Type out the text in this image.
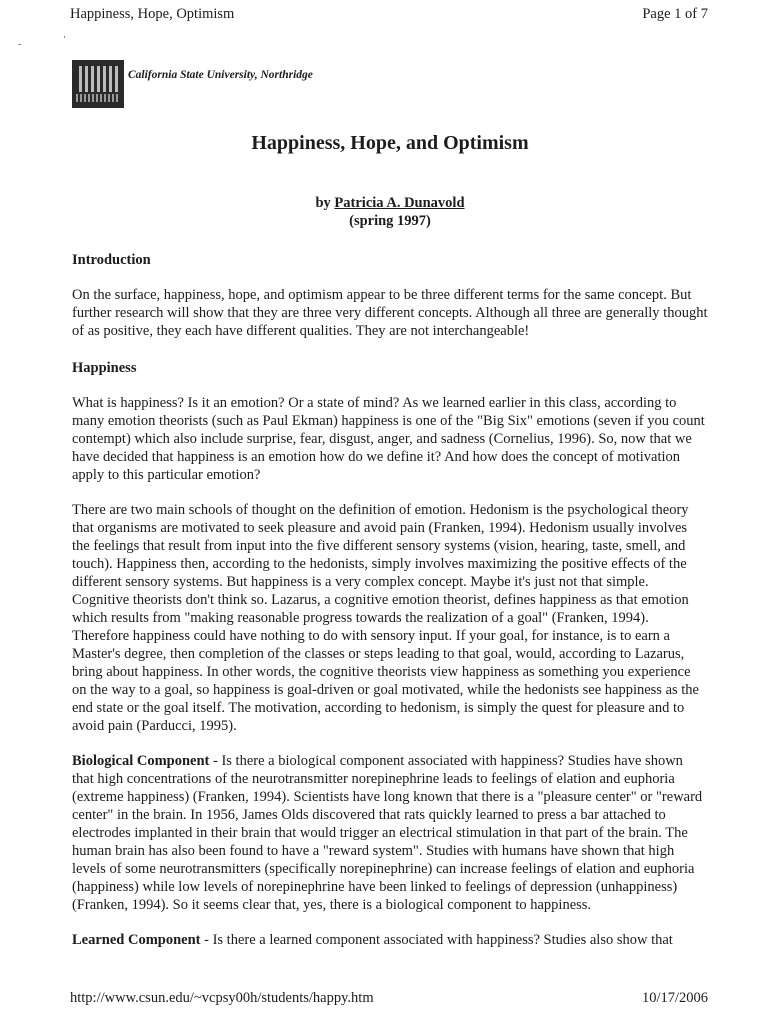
Happiness, Hope, Optimism	Page 1 of 7
California State University, Northridge
Happiness, Hope, and Optimism
by Patricia A. Dunavold
(spring 1997)
Introduction

On the surface, happiness, hope, and optimism appear to be three different terms for the same concept. But further research will show that they are three very different concepts. Although all three are generally thought of as positive, they each have different qualities. They are not interchangeable!

Happiness

What is happiness? Is it an emotion? Or a state of mind? As we learned earlier in this class, according to many emotion theorists (such as Paul Ekman) happiness is one of the "Big Six" emotions (seven if you count contempt) which also include surprise, fear, disgust, anger, and sadness (Cornelius, 1996). So, now that we have decided that happiness is an emotion how do we define it? And how does the concept of motivation apply to this particular emotion?

There are two main schools of thought on the definition of emotion. Hedonism is the psychological theory that organisms are motivated to seek pleasure and avoid pain (Franken, 1994). Hedonism usually involves the feelings that result from input into the five different sensory systems (vision, hearing, taste, smell, and touch). Happiness then, according to the hedonists, simply involves maximizing the positive effects of the different sensory systems. But happiness is a very complex concept. Maybe it's just not that simple. Cognitive theorists don't think so. Lazarus, a cognitive emotion theorist, defines happiness as that emotion which results from "making reasonable progress towards the realization of a goal" (Franken, 1994). Therefore happiness could have nothing to do with sensory input. If your goal, for instance, is to earn a Master's degree, then completion of the classes or steps leading to that goal, would, according to Lazarus, bring about happiness. In other words, the cognitive theorists view happiness as something you experience on the way to a goal, so happiness is goal-driven or goal motivated, while the hedonists see happiness as the end state or the goal itself. The motivation, according to hedonism, is simply the quest for pleasure and to avoid pain (Parducci, 1995).

Biological Component - Is there a biological component associated with happiness? Studies have shown that high concentrations of the neurotransmitter norepinephrine leads to feelings of elation and euphoria (extreme happiness) (Franken, 1994). Scientists have long known that there is a "pleasure center" or "reward center" in the brain. In 1956, James Olds discovered that rats quickly learned to press a bar attached to electrodes implanted in their brain that would trigger an electrical stimulation in that part of the brain. The human brain has also been found to have a "reward system". Studies with humans have shown that high levels of some neurotransmitters (specifically norepinephrine) can increase feelings of elation and euphoria (happiness) while low levels of norepinephrine have been linked to feelings of depression (unhappiness) (Franken, 1994). So it seems clear that, yes, there is a biological component to happiness.

Learned Component - Is there a learned component associated with happiness? Studies also show that

http://www.csun.edu/~vcpsy00h/students/happy.htm	10/17/2006
